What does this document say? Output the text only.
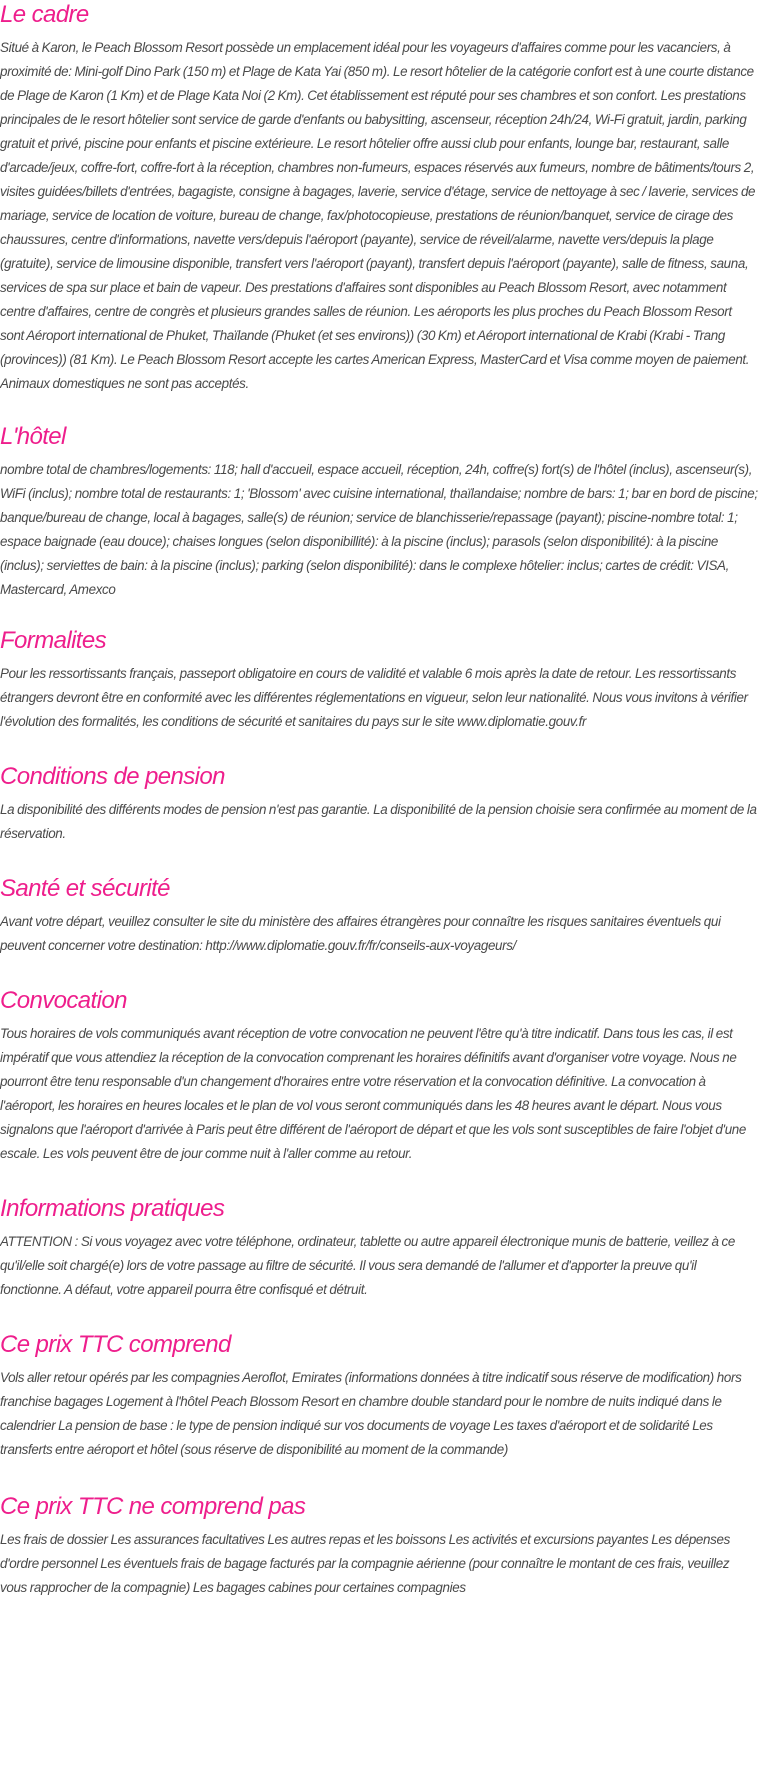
Le cadre

Situé à Karon, le Peach Blossom Resort possède un emplacement idéal pour les voyageurs d'affaires comme pour les vacanciers, à proximité de: Mini-golf Dino Park (150 m) et Plage de Kata Yai (850 m). Le resort hôtelier de la catégorie confort est à une courte distance de Plage de Karon (1 Km) et de Plage Kata Noi (2 Km). Cet établissement est réputé pour ses chambres et son confort. Les prestations principales de le resort hôtelier sont service de garde d'enfants ou babysitting, ascenseur, réception 24h/24, Wi-Fi gratuit, jardin, parking gratuit et privé, piscine pour enfants et piscine extérieure. Le resort hôtelier offre aussi club pour enfants, lounge bar, restaurant, salle d'arcade/jeux, coffre-fort, coffre-fort à la réception, chambres non-fumeurs, espaces réservés aux fumeurs, nombre de bâtiments/tours 2, visites guidées/billets d'entrées, bagagiste, consigne à bagages, laverie, service d'étage, service de nettoyage à sec / laverie, services de mariage, service de location de voiture, bureau de change, fax/photocopieuse, prestations de réunion/banquet, service de cirage des chaussures, centre d'informations, navette vers/depuis l'aéroport (payante), service de réveil/alarme, navette vers/depuis la plage (gratuite), service de limousine disponible, transfert vers l'aéroport (payant), transfert depuis l'aéroport (payante), salle de fitness, sauna, services de spa sur place et bain de vapeur. Des prestations d'affaires sont disponibles au Peach Blossom Resort, avec notamment centre d'affaires, centre de congrès et plusieurs grandes salles de réunion. Les aéroports les plus proches du Peach Blossom Resort sont Aéroport international de Phuket, Thaïlande (Phuket (et ses environs)) (30 Km) et Aéroport international de Krabi (Krabi - Trang (provinces)) (81 Km). Le Peach Blossom Resort accepte les cartes American Express, MasterCard et Visa comme moyen de paiement. Animaux domestiques ne sont pas acceptés.

L'hôtel

nombre total de chambres/logements: 118; hall d'accueil, espace accueil, réception, 24h, coffre(s) fort(s) de l'hôtel (inclus), ascenseur(s), WiFi (inclus); nombre total de restaurants: 1; 'Blossom' avec cuisine international, thaïlandaise; nombre de bars: 1; bar en bord de piscine; banque/bureau de change, local à bagages, salle(s) de réunion; service de blanchisserie/repassage (payant); piscine-nombre total: 1; espace baignade (eau douce); chaises longues (selon disponibillité): à la piscine (inclus); parasols (selon disponibilité): à la piscine (inclus); serviettes de bain: à la piscine (inclus); parking (selon disponibilité): dans le complexe hôtelier: inclus; cartes de crédit: VISA, Mastercard, Amexco

Formalites

Pour les ressortissants français, passeport obligatoire en cours de validité et valable 6 mois après la date de retour. Les ressortissants étrangers devront être en conformité avec les différentes réglementations en vigueur, selon leur nationalité. Nous vous invitons à vérifier l'évolution des formalités, les conditions de sécurité et sanitaires du pays sur le site www.diplomatie.gouv.fr

Conditions de pension

La disponibilité des différents modes de pension n'est pas garantie. La disponibilité de la pension choisie sera confirmée au moment de la réservation.

Santé et sécurité

Avant votre départ, veuillez consulter le site du ministère des affaires étrangères pour connaître les risques sanitaires éventuels qui peuvent concerner votre destination: http://www.diplomatie.gouv.fr/fr/conseils-aux-voyageurs/

Convocation

Tous horaires de vols communiqués avant réception de votre convocation ne peuvent l'être qu'à titre indicatif. Dans tous les cas, il est impératif que vous attendiez la réception de la convocation comprenant les horaires définitifs avant d'organiser votre voyage. Nous ne pourront être tenu responsable d'un changement d'horaires entre votre réservation et la convocation définitive. La convocation à l'aéroport, les horaires en heures locales et le plan de vol vous seront communiqués dans les 48 heures avant le départ. Nous vous signalons que l'aéroport d'arrivée à Paris peut être différent de l'aéroport de départ et que les vols sont susceptibles de faire l'objet d'une escale. Les vols peuvent être de jour comme nuit à l'aller comme au retour.

Informations pratiques

ATTENTION : Si vous voyagez avec votre téléphone, ordinateur, tablette ou autre appareil électronique munis de batterie, veillez à ce qu'il/elle soit chargé(e) lors de votre passage au filtre de sécurité. Il vous sera demandé de l'allumer et d'apporter la preuve qu'il fonctionne. A défaut, votre appareil pourra être confisqué et détruit.

Ce prix TTC comprend

Vols aller retour opérés par les compagnies Aeroflot, Emirates (informations données à titre indicatif sous réserve de modification) hors franchise bagages Logement à l'hôtel Peach Blossom Resort en chambre double standard pour le nombre de nuits indiqué dans le calendrier La pension de base : le type de pension indiqué sur vos documents de voyage Les taxes d'aéroport et de solidarité Les transferts entre aéroport et hôtel (sous réserve de disponibilité au moment de la commande)

Ce prix TTC ne comprend pas

Les frais de dossier Les assurances facultatives Les autres repas et les boissons Les activités et excursions payantes Les dépenses d'ordre personnel Les éventuels frais de bagage facturés par la compagnie aérienne (pour connaître le montant de ces frais, veuillez vous rapprocher de la compagnie) Les bagages cabines pour certaines compagnies
